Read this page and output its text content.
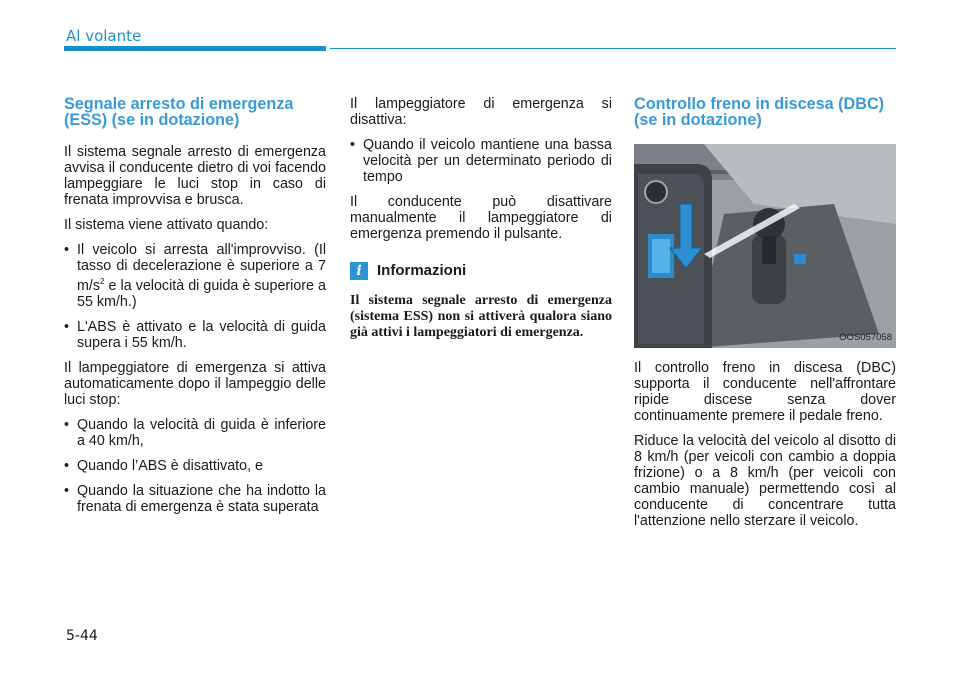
Al volante
Segnale arresto di emergenza (ESS) (se in dotazione)

Il sistema segnale arresto di emergenza avvisa il conducente dietro di voi facendo lampeggiare le luci stop in caso di frenata improvvisa e brusca.

Il sistema viene attivato quando:

• Il veicolo si arresta all'improvviso. (Il tasso di decelerazione è superiore a 7 $m/s^2$ e la velocità di guida è superiore a 55 km/h.)
• L'ABS è attivato e la velocità di guida supera i 55 km/h.

Il lampeggiatore di emergenza si attiva automaticamente dopo il lampeggio delle luci stop:

• Quando la velocità di guida è inferiore a 40 km/h,
• Quando l’ABS è disattivato, e
• Quando la situazione che ha indotto la frenata di emergenza è stata superata

Il lampeggiatore di emergenza si disattiva:

• Quando il veicolo mantiene una bassa velocità per un determinato periodo di tempo

Il conducente può disattivare manualmente il lampeggiatore di emergenza premendo il pulsante.

i	Informazioni

Il sistema segnale arresto di emergenza (sistema ESS) non si attiverà qualora siano già attivi i lampeggiatori di emergenza.

Controllo freno in discesa (DBC) (se in dotazione)
OOS057058

Il controllo freno in discesa (DBC) supporta il conducente nell'affrontare ripide discese senza dover continuamente premere il pedale freno.

Riduce la velocità del veicolo al disotto di 8 km/h (per veicoli con cambio a doppia frizione) o a 8 km/h (per veicoli con cambio manuale) permettendo così al conducente di concentrare tutta l'attenzione nello sterzare il veicolo.

5-44
